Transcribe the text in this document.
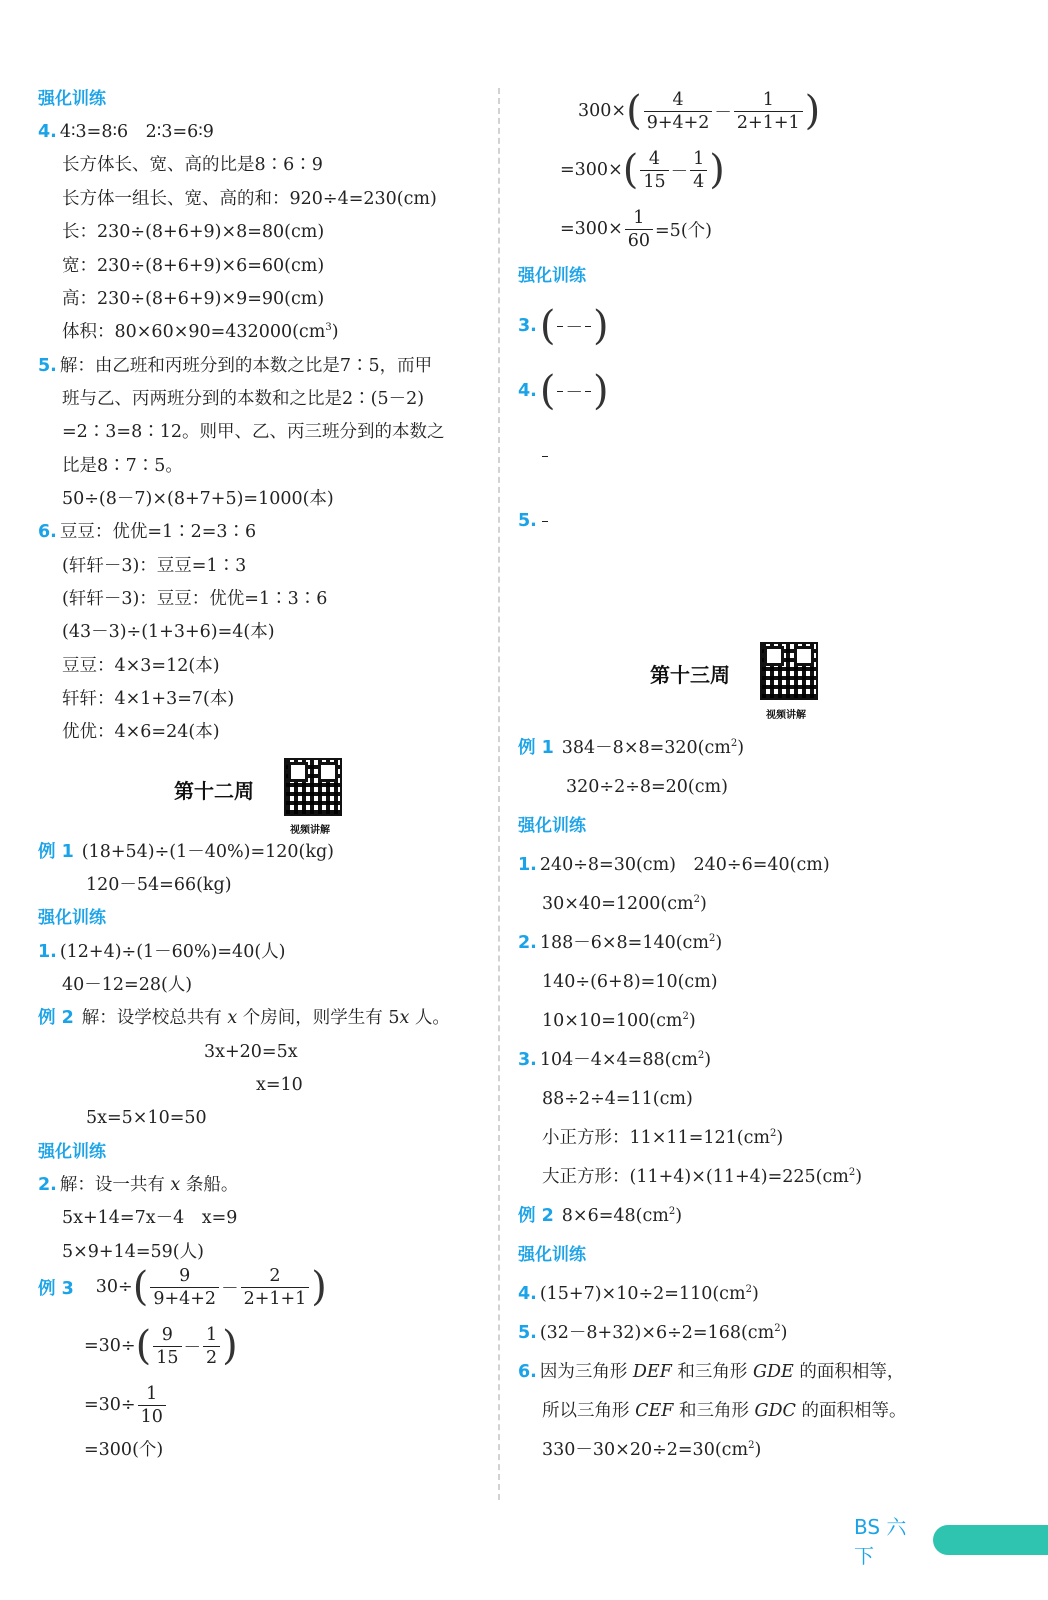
强化训练
4. 4∶3=8∶6　2∶3=6∶9
长方体长、宽、高的比是8∶6∶9
长方体一组长、宽、高的和：920÷4=230(cm)
长：230÷(8+6+9)×8=80(cm)
宽：230÷(8+6+9)×6=60(cm)
高：230÷(8+6+9)×9=90(cm)
体积：$80\times 60\times 90=432000(cm^3)$
5. 解：由乙班和丙班分到的本数之比是7∶5，而甲
班与乙、丙两班分到的本数和之比是2∶(5－2)
=2∶3=8∶12。则甲、乙、丙三班分到的本数之
比是8∶7∶5。
50÷(8－7)×(8+7+5)=1000(本)
6. 豆豆：优优=1∶2=3∶6
(轩轩－3)：豆豆=1∶3
(轩轩－3)：豆豆：优优=1∶3∶6
(43－3)÷(1+3+6)=4(本)
豆豆：4×3=12(本)
轩轩：4×1+3=7(本)
优优：4×6=24(本)
第十二周
视频讲解
例 1 (18+54)÷(1－40%)=120(kg)
120－54=66(kg)
强化训练
1. (12+4)÷(1－60%)=40(人)
40－12=28(人)
例 2 解：设学校总共有 x 个房间，则学生有 5x 人。
3x+20=5x
x=10
5x=5×10=50
强化训练
2. 解：设一共有 x 条船。
5x+14=7x－4　x=9
5×9+14=59(人)
例 3 30÷ ( $\frac{9}{9+4+2} - \frac{2}{2+1+1}$ )
=30÷ ( $\frac{9}{15} - \frac{1}{2}$ )
$=30\div \frac{1}{10}$
=300(个)
300× ( $\frac{4}{9+4+2} - \frac{1}{2+1+1}$ )
=300× ( $\frac{4}{15} - \frac{1}{4}$ )
$=300\times \frac{1}{60} =5$(个)
强化训练
3. ( － )
4. ( － )
5.
第十三周
视频讲解
例 1 $384-8\times 8=320(cm^2)$
320÷2÷8=20(cm)
强化训练
1. 240÷8=30(cm)　240÷6=40(cm)
$30\times 40=1200(cm^2)$
2. $188-6\times 8=140(cm^2)$
140÷(6+8)=10(cm)
$10\times 10=100(cm^2)$
3. $104-4\times 4=88(cm^2)$
88÷2÷4=11(cm)
小正方形：$11\times 11=121(cm^2)$
大正方形：$(11+4)\times(11+4)=225(cm^2)$
例 2 $8\times 6=48(cm^2)$
强化训练
4. $(15+7)\times 10\div 2=110(cm^2)$
5. $(32-8+32)\times 6\div 2=168(cm^2)$
6. 因为三角形 DEF 和三角形 GDE 的面积相等，
所以三角形 CEF 和三角形 GDC 的面积相等。
$330-30\times 20\div 2=30(cm^2)$
BS 六下
